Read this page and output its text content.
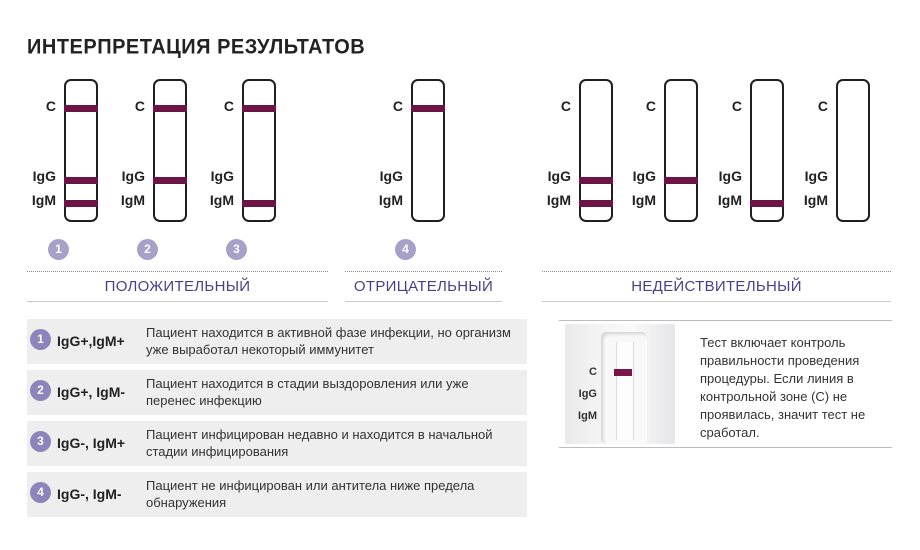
ИНТЕРПРЕТАЦИЯ РЕЗУЛЬТАТОВ
C
IgG
IgM
1
C
IgG
IgM
2
C
IgG
IgM
3
C
IgG
IgM
4
C
IgG
IgM
C
IgG
IgM
C
IgG
IgM
C
IgG
IgM
ПОЛОЖИТЕЛЬНЫЙ	ОТРИЦАТЕЛЬНЫЙ	НЕДЕЙСТВИТЕЛЬНЫЙ
1 IgG+,IgM+
Пациент находится в активной фазе инфекции, но организм уже выработал некоторый иммунитет
2 IgG+, IgM-
Пациент находится в стадии выздоровления или уже перенес инфекцию
3 IgG-, IgM+
Пациент инфицирован недавно и находится в начальной стадии инфицирования
4 IgG-, IgM-
Пациент не инфицирован или антитела ниже предела обнаружения
C
IgG
IgM
Тест включает контроль правильности проведения процедуры. Если линия в контрольной зоне (С) не проявилась, значит тест не сработал.
